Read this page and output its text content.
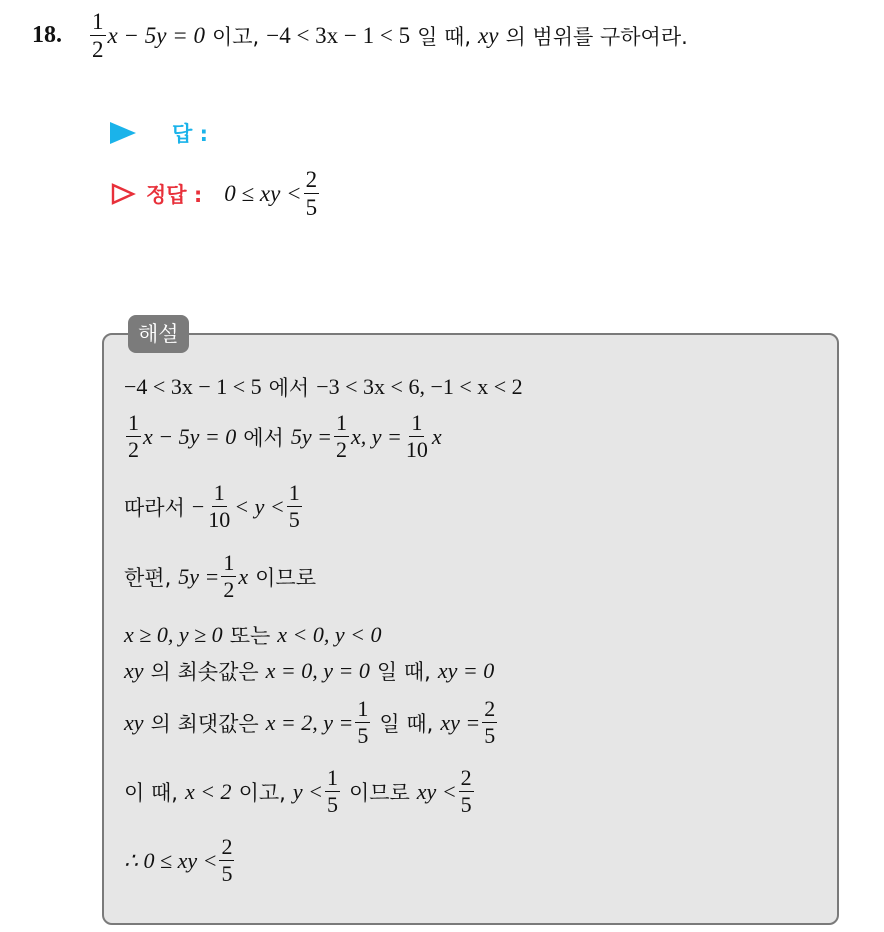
18. $\frac{1}{2}$ x − 5y = 0 이고, −4 < 3x − 1 < 5 일 때, xy 의 범위를 구하여라.
답 :
정답 : 0 ≤ xy < $\frac{2}{5}$
해설
−4 < 3x − 1 < 5 에서 −3 < 3x < 6, −1 < x < 2
$\frac{1}{2}$ x − 5y = 0 에서 $5y = \frac{1}{2} x$, $y = \frac{1}{10}$ x
따라서 − $\frac{1}{10} < y < \frac{1}{5}$
한편, $5y = \frac{1}{2}$ x 이므로
x ≥ 0, y ≥ 0 또는 x < 0, y < 0
xy 의 최솟값은 x = 0, y = 0 일 때, xy = 0
xy 의 최댓값은 x = 2, $y = \frac{1}{5}$ 일 때, xy = $\frac{2}{5}$
이 때, x < 2 이고, $y < \frac{1}{5}$ 이므로 xy < $\frac{2}{5}$
∴ 0 ≤ xy < $\frac{2}{5}$
